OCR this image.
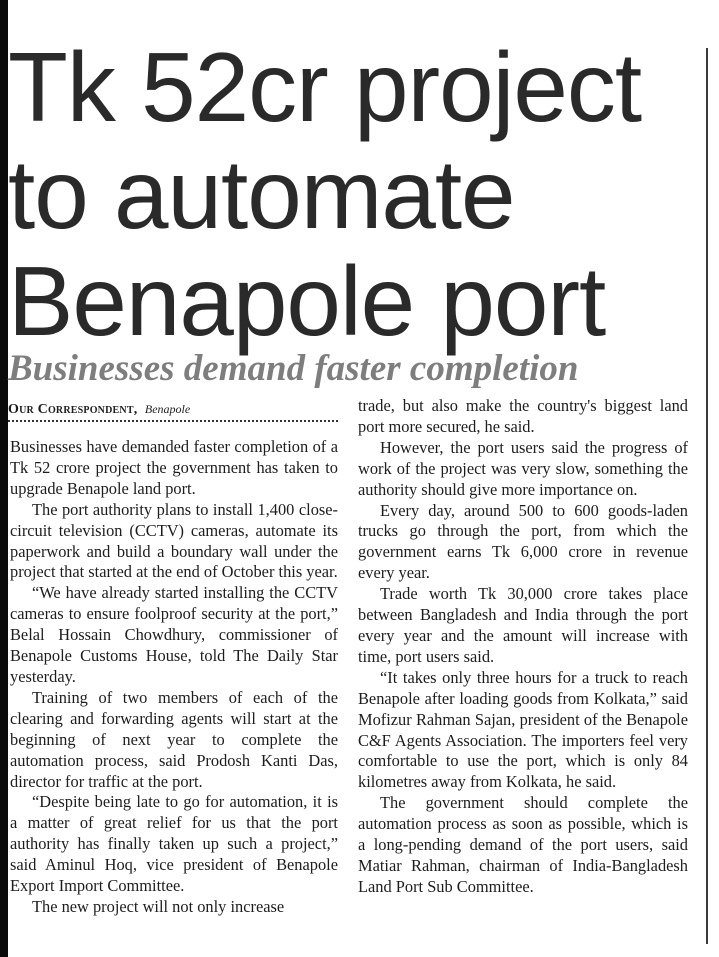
Tk 52cr project
to automate
Benapole port
Businesses demand faster completion
Our Correspondent, Benapole

Businesses have demanded faster completion of a Tk 52 crore project the government has taken to upgrade Benapole land port.

The port authority plans to install 1,400 close-circuit television (CCTV) cameras, automate its paperwork and build a boundary wall under the project that started at the end of October this year.

“We have already started installing the CCTV cameras to ensure foolproof security at the port,” Belal Hossain Chowdhury, commissioner of Benapole Customs House, told The Daily Star yesterday.

Training of two members of each of the clearing and forwarding agents will start at the beginning of next year to complete the automation process, said Prodosh Kanti Das, director for traffic at the port.

“Despite being late to go for automation, it is a matter of great relief for us that the port authority has finally taken up such a project,” said Aminul Hoq, vice president of Benapole Export Import Committee.

The new project will not only increase

trade, but also make the country's biggest land port more secured, he said.

However, the port users said the progress of work of the project was very slow, something the authority should give more importance on.

Every day, around 500 to 600 goods-laden trucks go through the port, from which the government earns Tk 6,000 crore in revenue every year.

Trade worth Tk 30,000 crore takes place between Bangladesh and India through the port every year and the amount will increase with time, port users said.

“It takes only three hours for a truck to reach Benapole after loading goods from Kolkata,” said Mofizur Rahman Sajan, president of the Benapole C&F Agents Association. The importers feel very comfortable to use the port, which is only 84 kilometres away from Kolkata, he said.

The government should complete the automation process as soon as possible, which is a long-pending demand of the port users, said Matiar Rahman, chairman of India-Bangladesh Land Port Sub Committee.
